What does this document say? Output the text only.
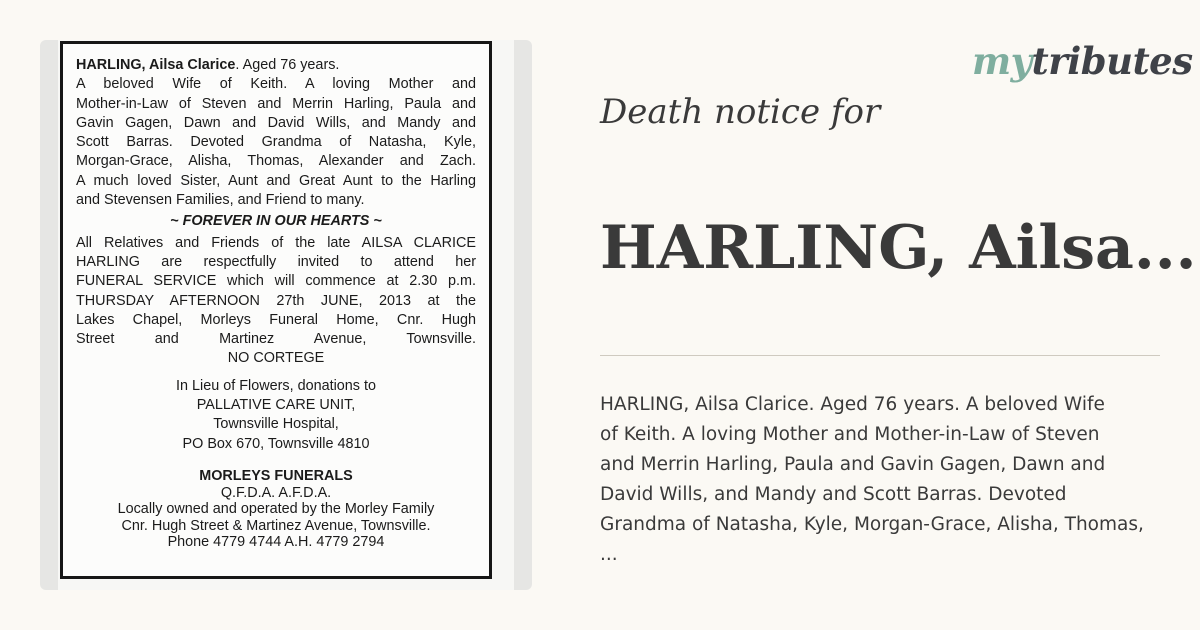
HARLING, Ailsa Clarice. Aged 76 years.

A beloved Wife of Keith. A loving Mother and

Mother-in-Law of Steven and Merrin Harling, Paula and

Gavin Gagen, Dawn and David Wills, and Mandy and

Scott Barras. Devoted Grandma of Natasha, Kyle,

Morgan-Grace, Alisha, Thomas, Alexander and Zach.

A much loved Sister, Aunt and Great Aunt to the Harling

and Stevensen Families, and Friend to many.

~ FOREVER IN OUR HEARTS ~

All Relatives and Friends of the late AILSA CLARICE

HARLING are respectfully invited to attend her

FUNERAL SERVICE which will commence at 2.30 p.m.

THURSDAY AFTERNOON 27th JUNE, 2013 at the

Lakes Chapel, Morleys Funeral Home, Cnr. Hugh

Street and Martinez Avenue, Townsville.

NO CORTEGE

In Lieu of Flowers, donations to

PALLATIVE CARE UNIT,

Townsville Hospital,

PO Box 670, Townsville 4810

MORLEYS FUNERALS

Q.F.D.A. A.F.D.A.

Locally owned and operated by the Morley Family

Cnr. Hugh Street & Martinez Avenue, Townsville.

Phone 4779 4744 A.H. 4779 2794

mytributes
Death notice for
HARLING, Ailsa...
HARLING, Ailsa Clarice. Aged 76 years. A beloved Wife
of Keith. A loving Mother and Mother-in-Law of Steven
and Merrin Harling, Paula and Gavin Gagen, Dawn and
David Wills, and Mandy and Scott Barras. Devoted
Grandma of Natasha, Kyle, Morgan-Grace, Alisha, Thomas,
...
